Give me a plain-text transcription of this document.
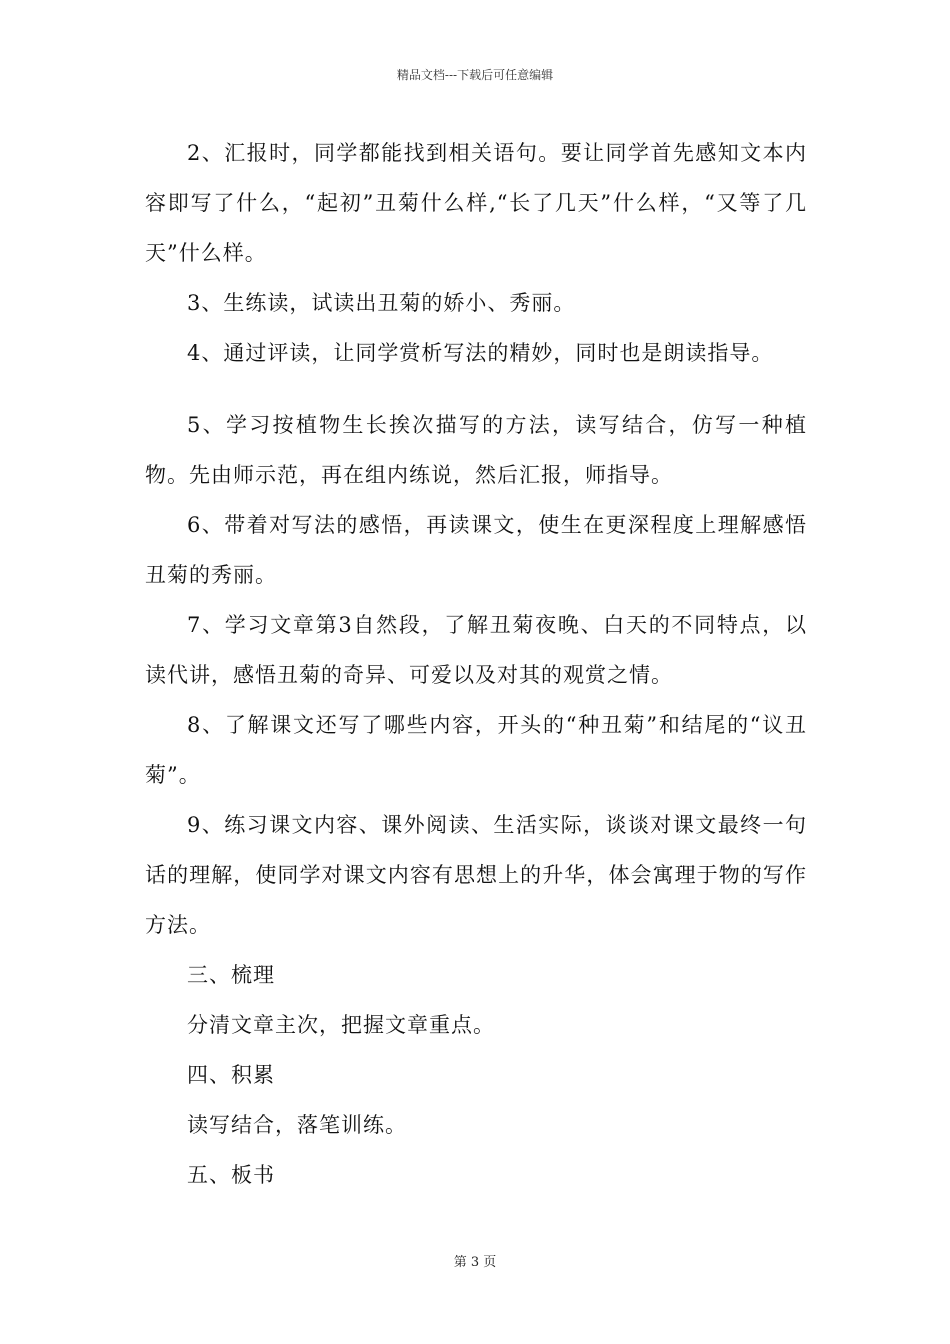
精品文档---下载后可任意编辑

2、汇报时，同学都能找到相关语句。要让同学首先感知文本内容即写了什么，“起初”丑菊什么样,“长了几天”什么样，“又等了几天”什么样。

3、生练读，试读出丑菊的娇小、秀丽。

4、通过评读，让同学赏析写法的精妙，同时也是朗读指导。

5、学习按植物生长挨次描写的方法，读写结合，仿写一种植物。先由师示范，再在组内练说，然后汇报，师指导。

6、带着对写法的感悟，再读课文，使生在更深程度上理解感悟丑菊的秀丽。

7、学习文章第3自然段，了解丑菊夜晚、白天的不同特点，以读代讲，感悟丑菊的奇异、可爱以及对其的观赏之情。

8、了解课文还写了哪些内容，开头的“种丑菊”和结尾的“议丑菊”。

9、练习课文内容、课外阅读、生活实际，谈谈对课文最终一句话的理解，使同学对课文内容有思想上的升华，体会寓理于物的写作方法。

三、梳理

分清文章主次，把握文章重点。

四、积累

读写结合，落笔训练。

五、板书

第 3 页
